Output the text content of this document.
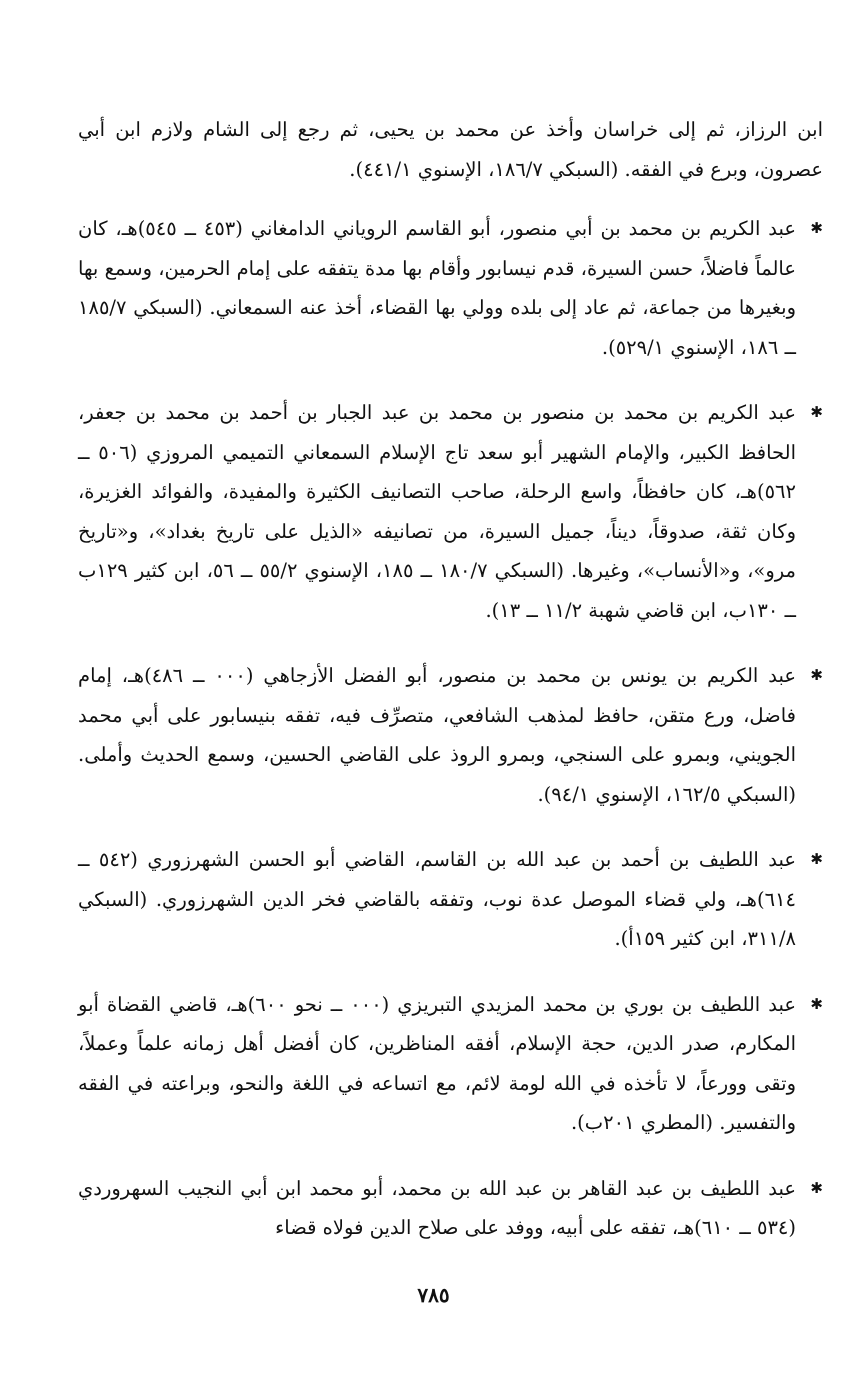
ابن الرزاز، ثم إلى خراسان وأخذ عن محمد بن يحيى، ثم رجع إلى الشام ولازم ابن أبي عصرون، وبرع في الفقه. (السبكي ١٨٦/٧، الإسنوي ٤٤١/١).

✱
عبد الكريم بن محمد بن أبي منصور، أبو القاسم الروياني الدامغاني (٤٥٣ ــ ٥٤٥)هـ، كان عالماً فاضلاً، حسن السيرة، قدم نيسابور وأقام بها مدة يتفقه على إمام الحرمين، وسمع بها وبغيرها من جماعة، ثم عاد إلى بلده وولي بها القضاء، أخذ عنه السمعاني. (السبكي ١٨٥/٧ ــ ١٨٦، الإسنوي ٥٢٩/١).
✱
عبد الكريم بن محمد بن منصور بن محمد بن عبد الجبار بن أحمد بن محمد بن جعفر، الحافظ الكبير، والإمام الشهير أبو سعد تاج الإسلام السمعاني التميمي المروزي (٥٠٦ ــ ٥٦٢)هـ، كان حافظاً، واسع الرحلة، صاحب التصانيف الكثيرة والمفيدة، والفوائد الغزيرة، وكان ثقة، صدوقاً، ديناً، جميل السيرة، من تصانيفه «الذيل على تاريخ بغداد»، و«تاريخ مرو»، و«الأنساب»، وغيرها. (السبكي ١٨٠/٧ ــ ١٨٥، الإسنوي ٥٥/٢ ــ ٥٦، ابن كثير ١٢٩ب ــ ١٣٠ب، ابن قاضي شهبة ١١/٢ ــ ١٣).
✱
عبد الكريم بن يونس بن محمد بن منصور، أبو الفضل الأزجاهي (٠٠٠ ــ ٤٨٦)هـ، إمام فاضل، ورع متقن، حافظ لمذهب الشافعي، متصرِّف فيه، تفقه بنيسابور على أبي محمد الجويني، وبمرو على السنجي، وبمرو الروذ على القاضي الحسين، وسمع الحديث وأملى. (السبكي ١٦٢/٥، الإسنوي ٩٤/١).
✱
عبد اللطيف بن أحمد بن عبد الله بن القاسم، القاضي أبو الحسن الشهرزوري (٥٤٢ ــ ٦١٤)هـ، ولي قضاء الموصل عدة نوب، وتفقه بالقاضي فخر الدين الشهرزوري. (السبكي ٣١١/٨، ابن كثير ١٥٩أ).
✱
عبد اللطيف بن بوري بن محمد المزيدي التبريزي (٠٠٠ ــ نحو ٦٠٠)هـ، قاضي القضاة أبو المكارم، صدر الدين، حجة الإسلام، أفقه المناظرين، كان أفضل أهل زمانه علماً وعملاً، وتقى وورعاً، لا تأخذه في الله لومة لائم، مع اتساعه في اللغة والنحو، وبراعته في الفقه والتفسير. (المطري ٢٠١ب).
✱
عبد اللطيف بن عبد القاهر بن عبد الله بن محمد، أبو محمد ابن أبي النجيب السهروردي (٥٣٤ ــ ٦١٠)هـ، تفقه على أبيه، ووفد على صلاح الدين فولاه قضاء
٧٨٥
